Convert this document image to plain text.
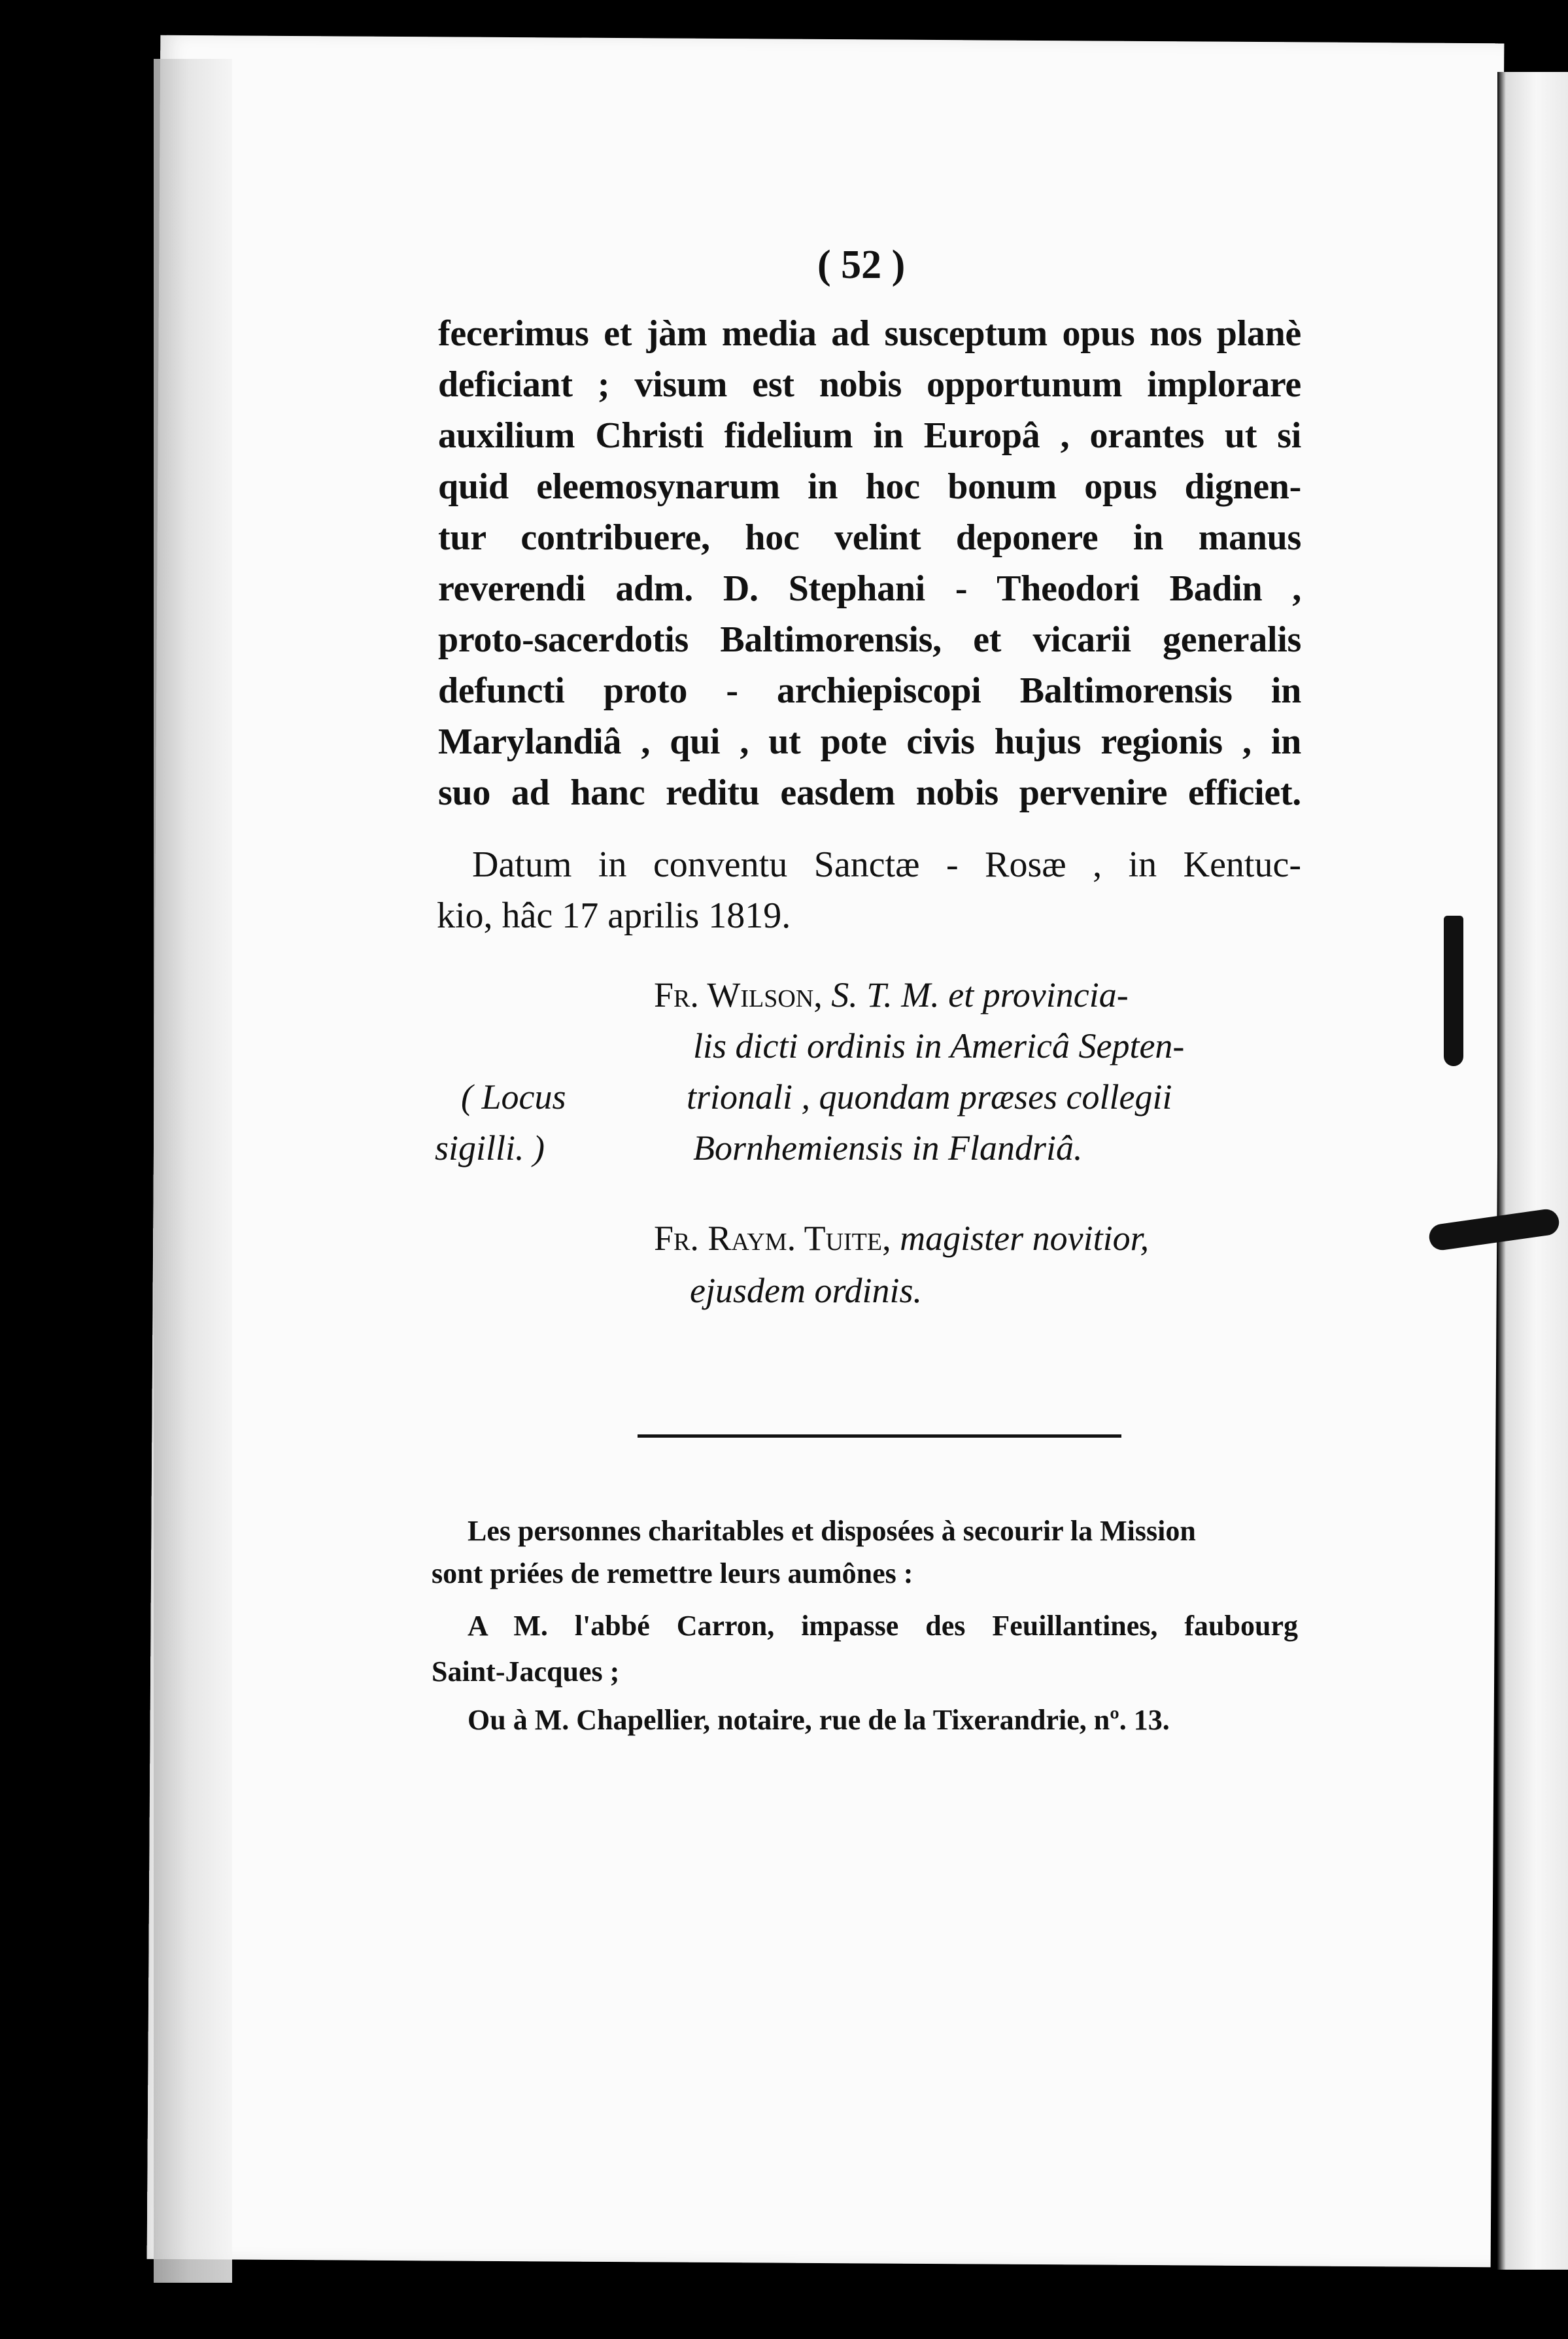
( 52 )
fecerimus et jàm media ad susceptum opus nos planè
deficiant ; visum est nobis opportunum implorare
auxilium Christi fidelium in Europâ , orantes ut si
quid eleemosynarum in hoc bonum opus dignen-
tur contribuere, hoc velint deponere in manus
reverendi adm. D. Stephani - Theodori Badin ,
proto-sacerdotis Baltimorensis, et vicarii generalis
defuncti proto - archiepiscopi Baltimorensis in
Marylandiâ , qui , ut pote civis hujus regionis , in
suo ad hanc reditu easdem nobis pervenire efficiet.
Datum in conventu Sanctæ - Rosæ , in Kentuc-
kio, hâc 17 aprilis 1819.
Fr. Wilson, S. T. M. et provincia-
lis dicti ordinis in Americâ Septen-
trionali , quondam præses collegii
Bornhemiensis in Flandriâ.
( Locus
sigilli. )
Fr. Raym. Tuite, magister novitior,
ejusdem ordinis.
Les personnes charitables et disposées à secourir la Mission
sont priées de remettre leurs aumônes :
A M. l'abbé Carron, impasse des Feuillantines, faubourg
Saint-Jacques ;
Ou à M. Chapellier, notaire, rue de la Tixerandrie, nº. 13.
